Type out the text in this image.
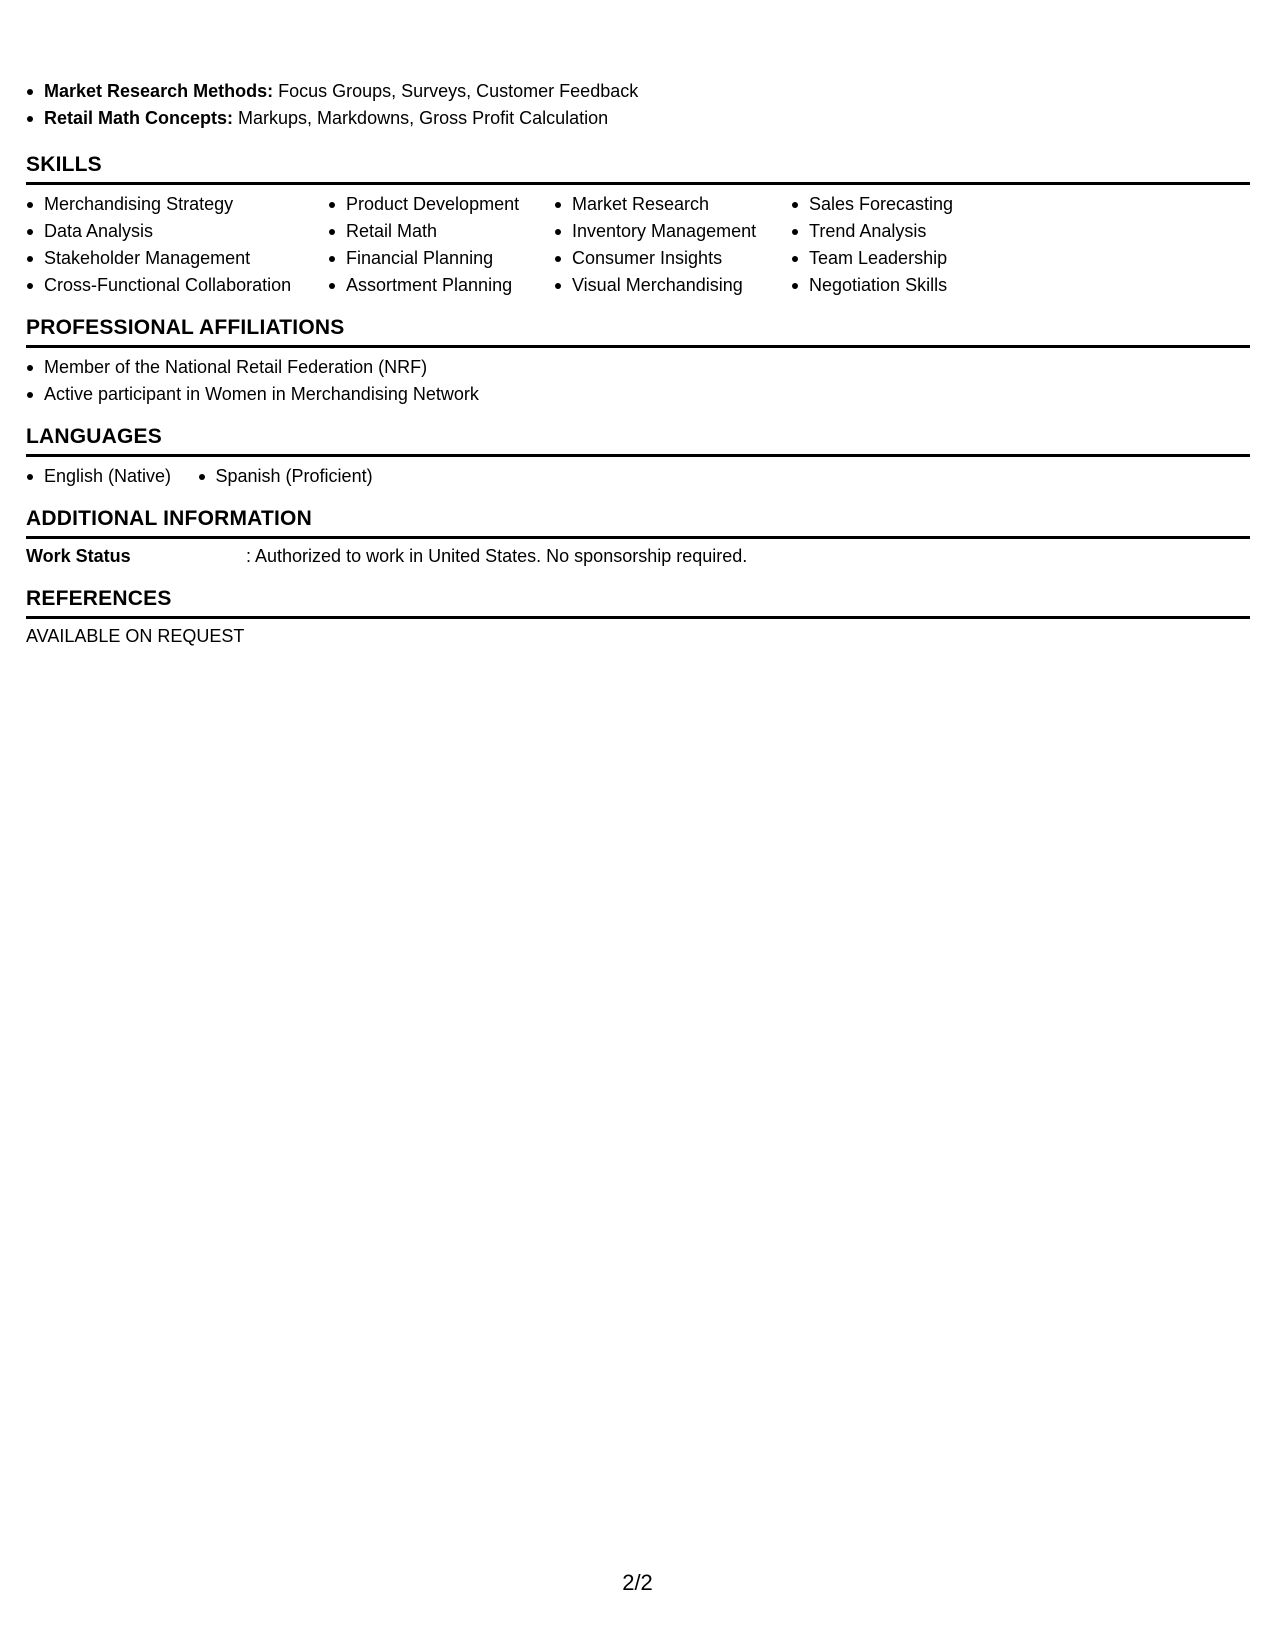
Market Research Methods: Focus Groups, Surveys, Customer Feedback
Retail Math Concepts: Markups, Markdowns, Gross Profit Calculation
SKILLS
Merchandising Strategy
Data Analysis
Stakeholder Management
Cross-Functional Collaboration
Product Development
Retail Math
Financial Planning
Assortment Planning
Market Research
Inventory Management
Consumer Insights
Visual Merchandising
Sales Forecasting
Trend Analysis
Team Leadership
Negotiation Skills
PROFESSIONAL AFFILIATIONS
Member of the National Retail Federation (NRF)
Active participant in Women in Merchandising Network
LANGUAGES
English (Native) Spanish (Proficient)
ADDITIONAL INFORMATION
Work Status	: Authorized to work in United States. No sponsorship required.
REFERENCES
AVAILABLE ON REQUEST
2/2
